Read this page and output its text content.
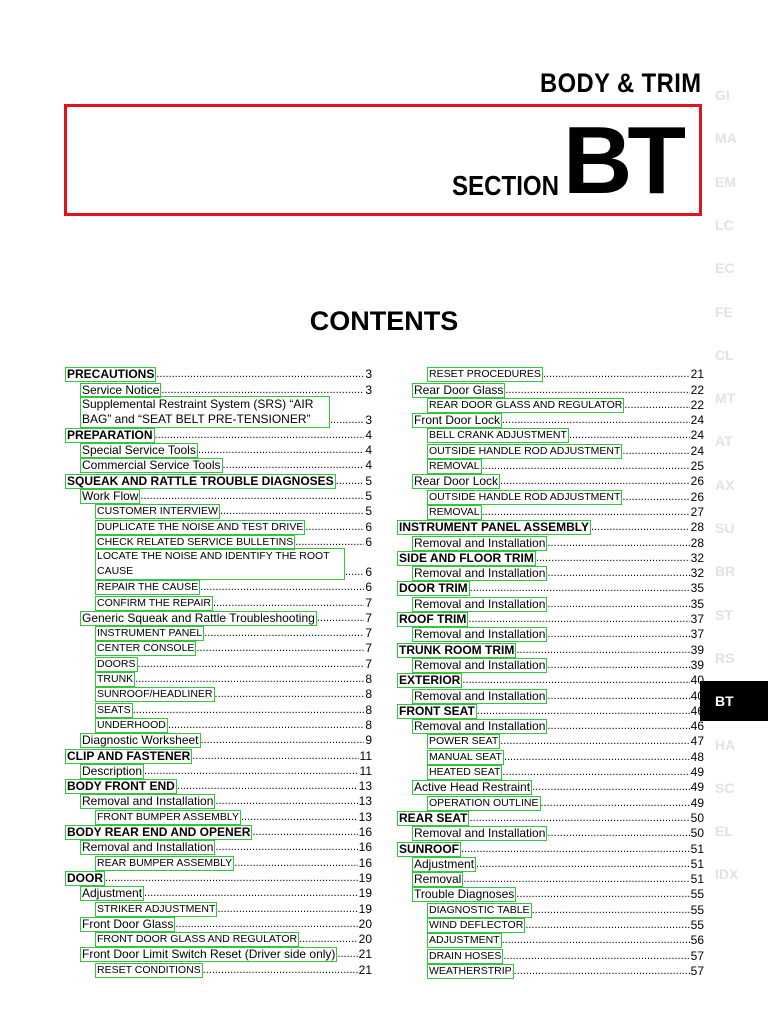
BODY & TRIM
SECTION BT
CONTENTS
GI
MA
EM
LC
EC
FE
CL
MT
AT
AX
SU
BR
ST
RS
BT
HA
SC
EL
IDX
PRECAUTIONS .....	3
Service Notice .....	3
Supplemental Restraint System (SRS) “AIR BAG” and “SEAT BELT PRE-TENSIONER” .....	3
PREPARATION .....	4
Special Service Tools .....	4
Commercial Service Tools .....	4
SQUEAK AND RATTLE TROUBLE DIAGNOSES .....	5
Work Flow .....	5
CUSTOMER INTERVIEW .....	5
DUPLICATE THE NOISE AND TEST DRIVE .....	6
CHECK RELATED SERVICE BULLETINS .....	6
LOCATE THE NOISE AND IDENTIFY THE ROOT CAUSE .....	6
REPAIR THE CAUSE .....	6
CONFIRM THE REPAIR .....	7
Generic Squeak and Rattle Troubleshooting .....	7
INSTRUMENT PANEL .....	7
CENTER CONSOLE .....	7
DOORS .....	7
TRUNK .....	8
SUNROOF/HEADLINER .....	8
SEATS .....	8
UNDERHOOD .....	8
Diagnostic Worksheet .....	9
CLIP AND FASTENER .....	11
Description .....	11
BODY FRONT END .....	13
Removal and Installation .....	13
FRONT BUMPER ASSEMBLY .....	13
BODY REAR END AND OPENER .....	16
Removal and Installation .....	16
REAR BUMPER ASSEMBLY .....	16
DOOR .....	19
Adjustment .....	19
STRIKER ADJUSTMENT .....	19
Front Door Glass .....	20
FRONT DOOR GLASS AND REGULATOR .....	20
Front Door Limit Switch Reset (Driver side only) ..... 21
RESET CONDITIONS .....	21
RESET PROCEDURES .....	21
Rear Door Glass .....	22
REAR DOOR GLASS AND REGULATOR .....	22
Front Door Lock .....	24
BELL CRANK ADJUSTMENT .....	24
OUTSIDE HANDLE ROD ADJUSTMENT .....	24
REMOVAL .....	25
Rear Door Lock .....	26
OUTSIDE HANDLE ROD ADJUSTMENT .....	26
REMOVAL .....	27
INSTRUMENT PANEL ASSEMBLY .....	28
Removal and Installation .....	28
SIDE AND FLOOR TRIM .....	32
Removal and Installation .....	32
DOOR TRIM .....	35
Removal and Installation .....	35
ROOF TRIM .....	37
Removal and Installation .....	37
TRUNK ROOM TRIM .....	39
Removal and Installation .....	39
EXTERIOR .....	40
Removal and Installation .....	40
FRONT SEAT .....	46
Removal and Installation .....	46
POWER SEAT .....	47
MANUAL SEAT .....	48
HEATED SEAT .....	49
Active Head Restraint .....	49
OPERATION OUTLINE .....	49
REAR SEAT .....	50
Removal and Installation .....	50
SUNROOF .....	51
Adjustment .....	51
Removal .....	51
Trouble Diagnoses .....	55
DIAGNOSTIC TABLE .....	55
WIND DEFLECTOR .....	55
ADJUSTMENT .....	56
DRAIN HOSES .....	57
WEATHERSTRIP .....	57
